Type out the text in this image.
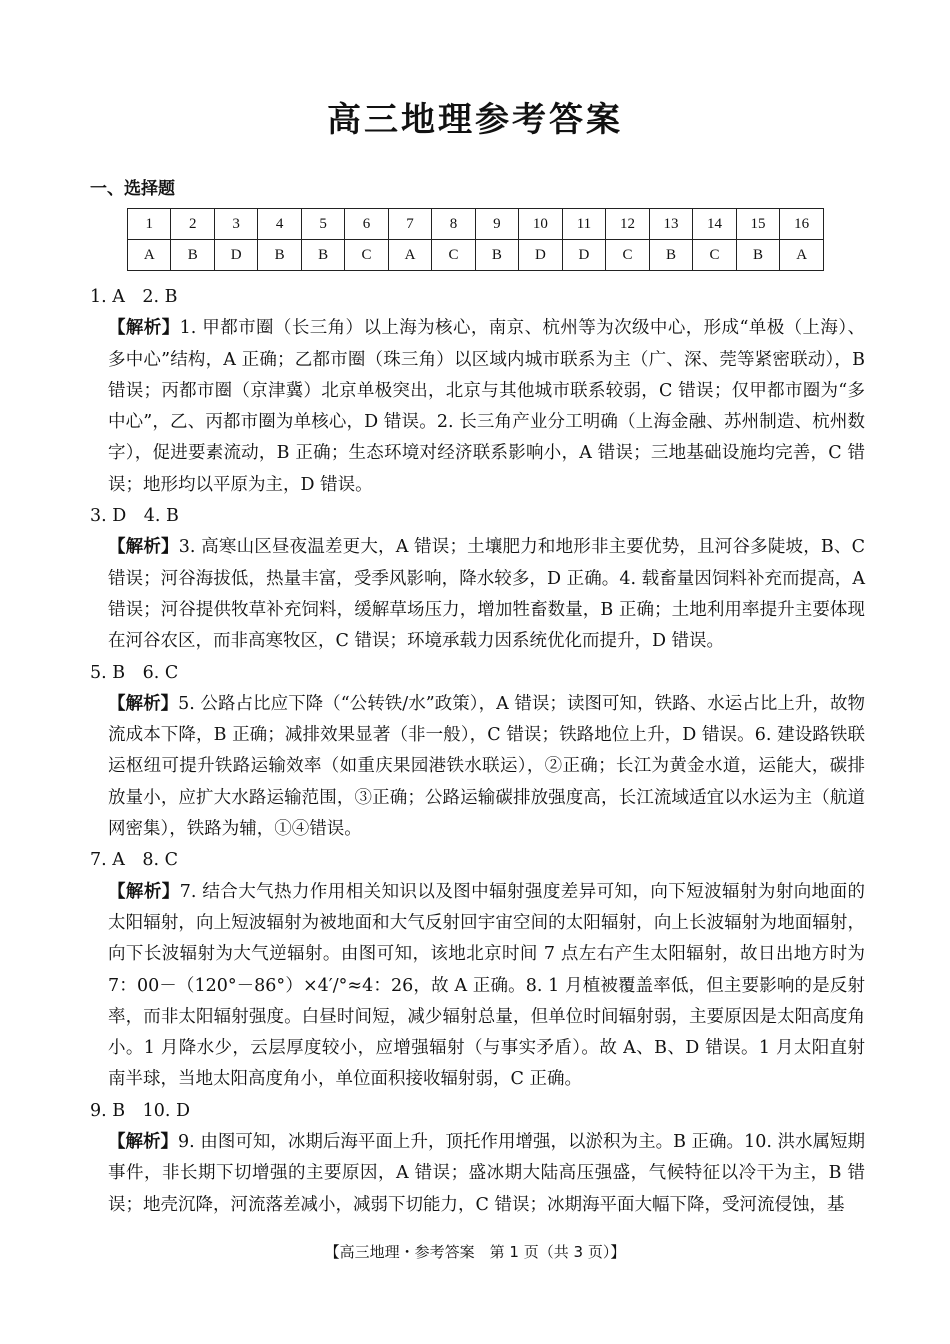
高三地理参考答案
一、选择题
1	2	3	4	5	6	7	8	9	10	11	12	13	14	15	16
A	B	D	B	B	C	A	C	B	D	D	C	B	C	B	A

1. A　2. B

【解析】1. 甲都市圈（长三角）以上海为核心，南京、杭州等为次级中心，形成“单极（上海）、多中心”结构，A 正确；乙都市圈（珠三角）以区域内城市联系为主（广、深、莞等紧密联动），B 错误；丙都市圈（京津冀）北京单极突出，北京与其他城市联系较弱，C 错误；仅甲都市圈为“多中心”，乙、丙都市圈为单核心，D 错误。2. 长三角产业分工明确（上海金融、苏州制造、杭州数字），促进要素流动，B 正确；生态环境对经济联系影响小，A 错误；三地基础设施均完善，C 错误；地形均以平原为主，D 错误。

3. D　4. B

【解析】3. 高寒山区昼夜温差更大，A 错误；土壤肥力和地形非主要优势，且河谷多陡坡，B、C 错误；河谷海拔低，热量丰富，受季风影响，降水较多，D 正确。4. 载畜量因饲料补充而提高，A 错误；河谷提供牧草补充饲料，缓解草场压力，增加牲畜数量，B 正确；土地利用率提升主要体现在河谷农区，而非高寒牧区，C 错误；环境承载力因系统优化而提升，D 错误。

5. B　6. C

【解析】5. 公路占比应下降（“公转铁/水”政策），A 错误；读图可知，铁路、水运占比上升，故物流成本下降，B 正确；减排效果显著（非一般），C 错误；铁路地位上升，D 错误。6. 建设路铁联运枢纽可提升铁路运输效率（如重庆果园港铁水联运），②正确；长江为黄金水道，运能大，碳排放量小，应扩大水路运输范围，③正确；公路运输碳排放强度高，长江流域适宜以水运为主（航道网密集），铁路为辅，①④错误。

7. A　8. C

【解析】7. 结合大气热力作用相关知识以及图中辐射强度差异可知，向下短波辐射为射向地面的太阳辐射，向上短波辐射为被地面和大气反射回宇宙空间的太阳辐射，向上长波辐射为地面辐射，向下长波辐射为大气逆辐射。由图可知，该地北京时间 7 点左右产生太阳辐射，故日出地方时为 7：00－（120°－86°）×4′/°≈4：26，故 A 正确。8. 1 月植被覆盖率低，但主要影响的是反射率，而非太阳辐射强度。白昼时间短，减少辐射总量，但单位时间辐射弱，主要原因是太阳高度角小。1 月降水少，云层厚度较小，应增强辐射（与事实矛盾）。故 A、B、D 错误。1 月太阳直射南半球，当地太阳高度角小，单位面积接收辐射弱，C 正确。

9. B　10. D

【解析】9. 由图可知，冰期后海平面上升，顶托作用增强，以淤积为主。B 正确。10. 洪水属短期事件，非长期下切增强的主要原因，A 错误；盛冰期大陆高压强盛，气候特征以冷干为主，B 错误；地壳沉降，河流落差减小，减弱下切能力，C 错误；冰期海平面大幅下降，受河流侵蚀，基

【高三地理・参考答案　第 1 页（共 3 页）】
